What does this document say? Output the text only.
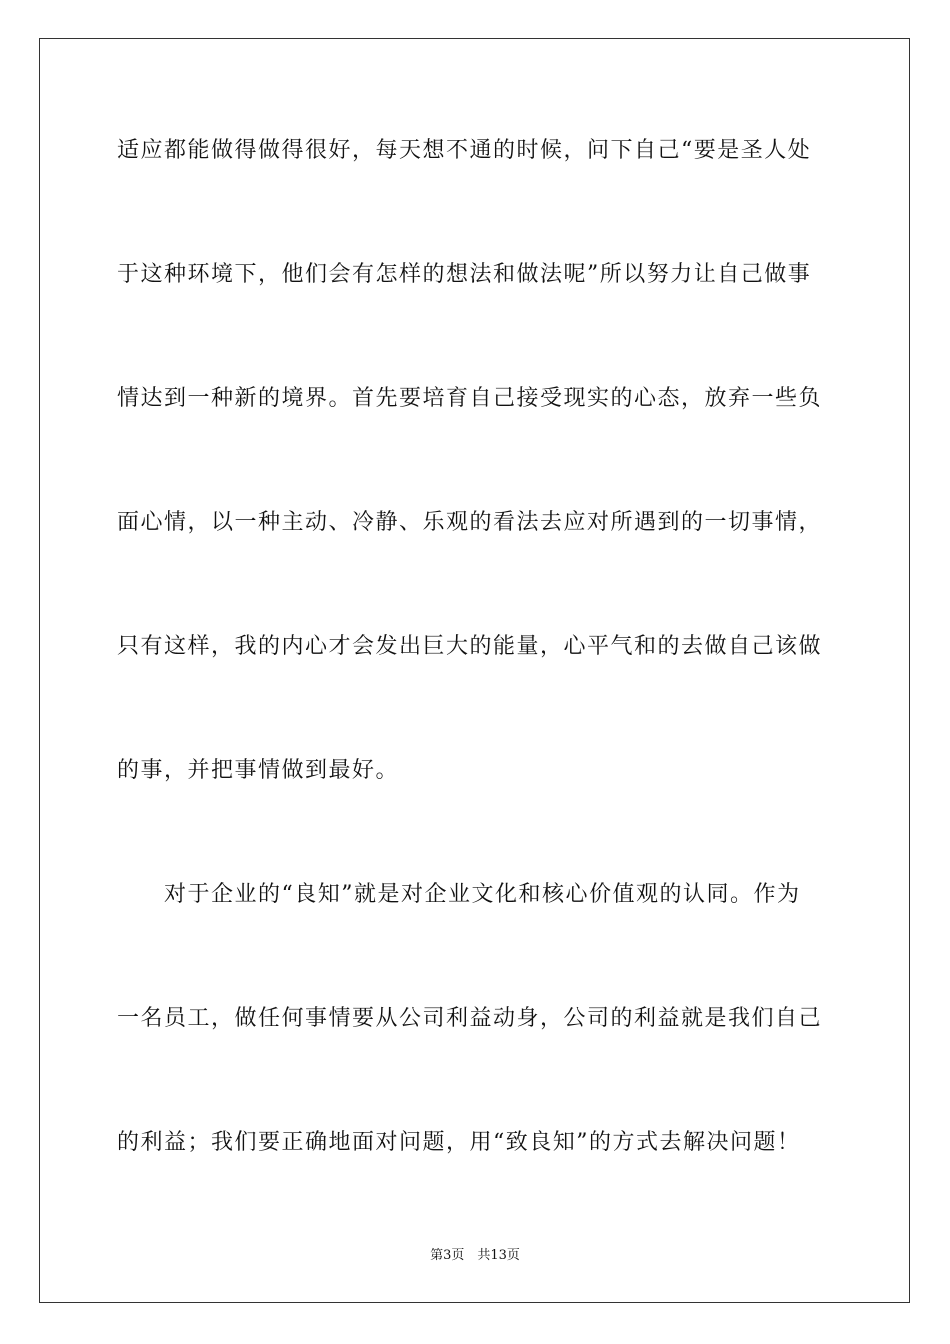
适应都能做得做得很好，每天想不通的时候，问下自己“要是圣人处
于这种环境下，他们会有怎样的想法和做法呢”所以努力让自己做事
情达到一种新的境界。首先要培育自己接受现实的心态，放弃一些负
面心情，以一种主动、冷静、乐观的看法去应对所遇到的一切事情，
只有这样，我的内心才会发出巨大的能量，心平气和的去做自己该做
的事，并把事情做到最好。
　　对于企业的“良知”就是对企业文化和核心价值观的认同。作为
一名员工，做任何事情要从公司利益动身，公司的利益就是我们自己
的利益；我们要正确地面对问题，用“致良知”的方式去解决问题！
第3页　共13页
